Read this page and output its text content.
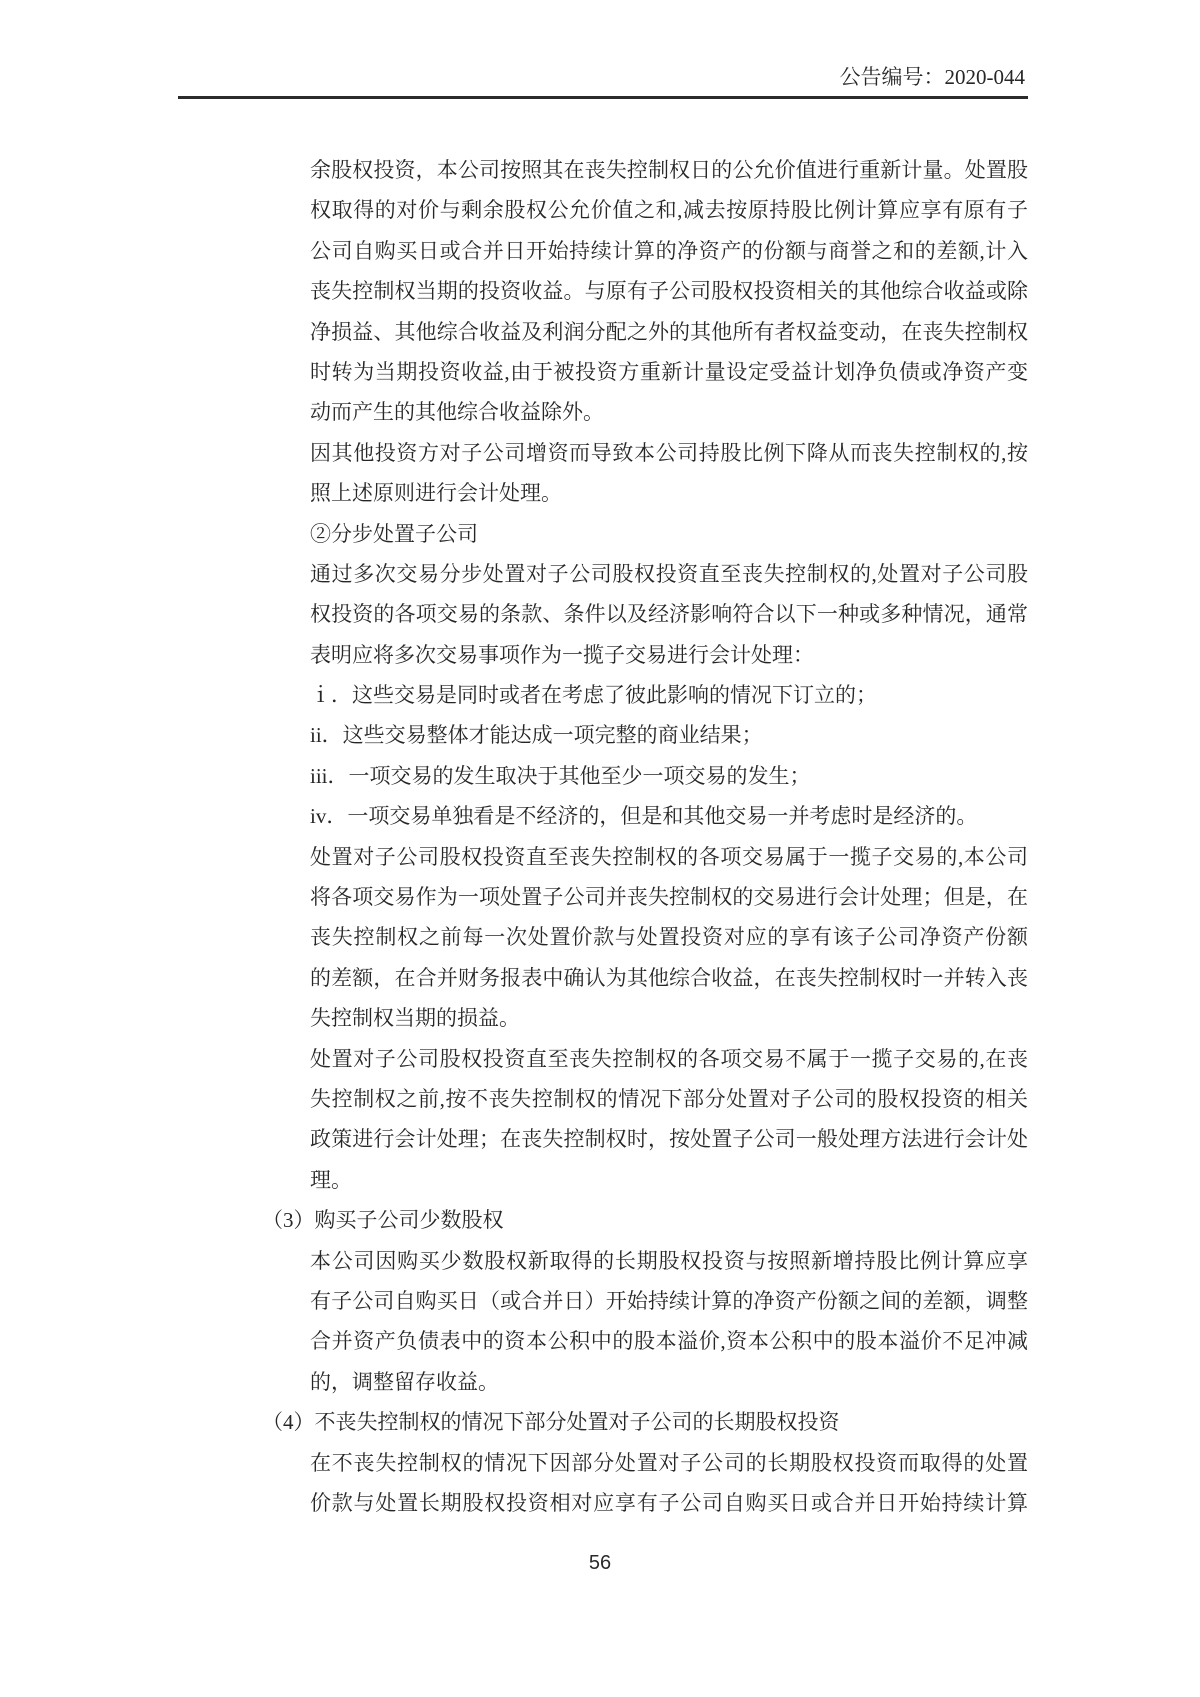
公告编号：2020-044
余股权投资，本公司按照其在丧失控制权日的公允价值进行重新计量。处置股
权取得的对价与剩余股权公允价值之和,减去按原持股比例计算应享有原有子
公司自购买日或合并日开始持续计算的净资产的份额与商誉之和的差额,计入
丧失控制权当期的投资收益。与原有子公司股权投资相关的其他综合收益或除
净损益、其他综合收益及利润分配之外的其他所有者权益变动，在丧失控制权
时转为当期投资收益,由于被投资方重新计量设定受益计划净负债或净资产变
动而产生的其他综合收益除外。
因其他投资方对子公司增资而导致本公司持股比例下降从而丧失控制权的,按
照上述原则进行会计处理。
②分步处置子公司
通过多次交易分步处置对子公司股权投资直至丧失控制权的,处置对子公司股
权投资的各项交易的条款、条件以及经济影响符合以下一种或多种情况，通常
表明应将多次交易事项作为一揽子交易进行会计处理：
ｉ．这些交易是同时或者在考虑了彼此影响的情况下订立的；
ii．这些交易整体才能达成一项完整的商业结果；
iii．一项交易的发生取决于其他至少一项交易的发生；
iv．一项交易单独看是不经济的，但是和其他交易一并考虑时是经济的。
处置对子公司股权投资直至丧失控制权的各项交易属于一揽子交易的,本公司
将各项交易作为一项处置子公司并丧失控制权的交易进行会计处理；但是，在
丧失控制权之前每一次处置价款与处置投资对应的享有该子公司净资产份额
的差额，在合并财务报表中确认为其他综合收益，在丧失控制权时一并转入丧
失控制权当期的损益。
处置对子公司股权投资直至丧失控制权的各项交易不属于一揽子交易的,在丧
失控制权之前,按不丧失控制权的情况下部分处置对子公司的股权投资的相关
政策进行会计处理；在丧失控制权时，按处置子公司一般处理方法进行会计处
理。
（3）购买子公司少数股权
本公司因购买少数股权新取得的长期股权投资与按照新增持股比例计算应享
有子公司自购买日（或合并日）开始持续计算的净资产份额之间的差额，调整
合并资产负债表中的资本公积中的股本溢价,资本公积中的股本溢价不足冲减
的，调整留存收益。
（4）不丧失控制权的情况下部分处置对子公司的长期股权投资
在不丧失控制权的情况下因部分处置对子公司的长期股权投资而取得的处置
价款与处置长期股权投资相对应享有子公司自购买日或合并日开始持续计算
56
